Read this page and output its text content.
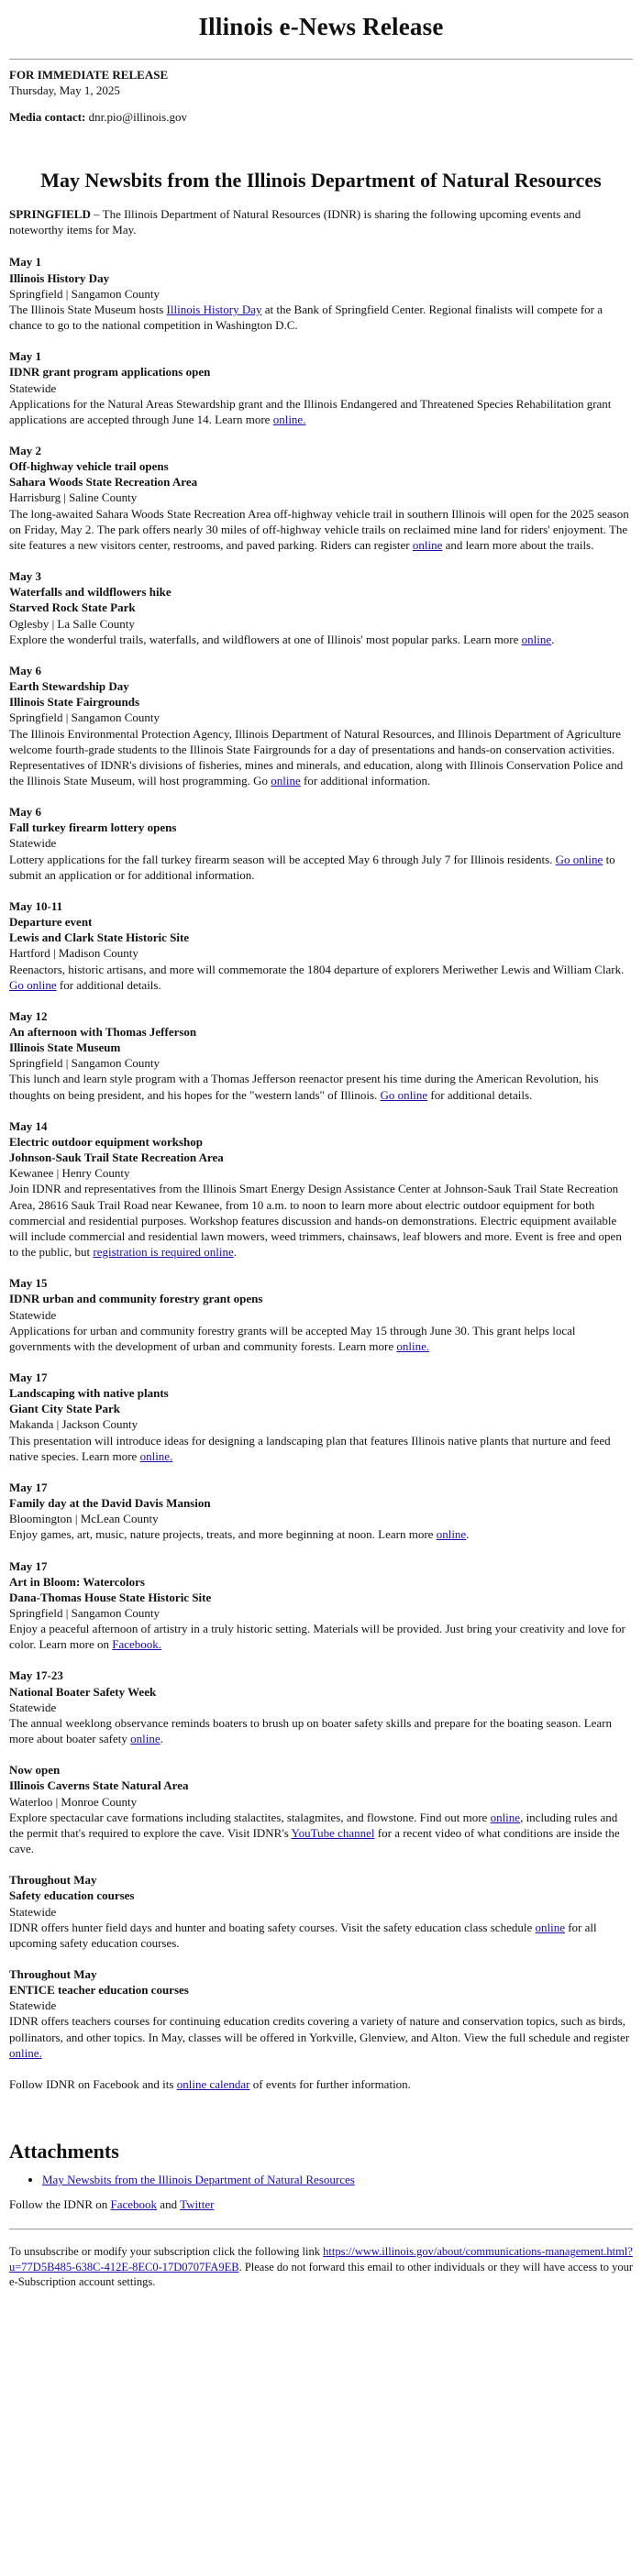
Illinois e-News Release

FOR IMMEDIATE RELEASE

Thursday, May 1, 2025

Media contact: dnr.pio@illinois.gov

May Newsbits from the Illinois Department of Natural Resources

SPRINGFIELD – The Illinois Department of Natural Resources (IDNR) is sharing the following upcoming events and noteworthy items for May.

May 1
Illinois History Day
Springfield | Sangamon County

The Illinois State Museum hosts Illinois History Day at the Bank of Springfield Center. Regional finalists will compete for a chance to go to the national competition in Washington D.C.

May 1
IDNR grant program applications open
Statewide

Applications for the Natural Areas Stewardship grant and the Illinois Endangered and Threatened Species Rehabilitation grant applications are accepted through June 14. Learn more online.

May 2
Off-highway vehicle trail opens
Sahara Woods State Recreation Area
Harrisburg | Saline County

The long-awaited Sahara Woods State Recreation Area off-highway vehicle trail in southern Illinois will open for the 2025 season on Friday, May 2. The park offers nearly 30 miles of off-highway vehicle trails on reclaimed mine land for riders' enjoyment. The site features a new visitors center, restrooms, and paved parking. Riders can register online and learn more about the trails.

May 3
Waterfalls and wildflowers hike
Starved Rock State Park
Oglesby | La Salle County

Explore the wonderful trails, waterfalls, and wildflowers at one of Illinois' most popular parks. Learn more online.

May 6
Earth Stewardship Day
Illinois State Fairgrounds
Springfield | Sangamon County

The Illinois Environmental Protection Agency, Illinois Department of Natural Resources, and Illinois Department of Agriculture welcome fourth-grade students to the Illinois State Fairgrounds for a day of presentations and hands-on conservation activities. Representatives of IDNR's divisions of fisheries, mines and minerals, and education, along with Illinois Conservation Police and the Illinois State Museum, will host programming. Go online for additional information.

May 6
Fall turkey firearm lottery opens
Statewide

Lottery applications for the fall turkey firearm season will be accepted May 6 through July 7 for Illinois residents. Go online to submit an application or for additional information.

May 10-11
Departure event
Lewis and Clark State Historic Site
Hartford | Madison County

Reenactors, historic artisans, and more will commemorate the 1804 departure of explorers Meriwether Lewis and William Clark. Go online for additional details.

May 12
An afternoon with Thomas Jefferson
Illinois State Museum
Springfield | Sangamon County

This lunch and learn style program with a Thomas Jefferson reenactor present his time during the American Revolution, his thoughts on being president, and his hopes for the "western lands" of Illinois. Go online for additional details.

May 14
Electric outdoor equipment workshop
Johnson-Sauk Trail State Recreation Area
Kewanee | Henry County

Join IDNR and representatives from the Illinois Smart Energy Design Assistance Center at Johnson-Sauk Trail State Recreation Area, 28616 Sauk Trail Road near Kewanee, from 10 a.m. to noon to learn more about electric outdoor equipment for both commercial and residential purposes. Workshop features discussion and hands-on demonstrations. Electric equipment available will include commercial and residential lawn mowers, weed trimmers, chainsaws, leaf blowers and more. Event is free and open to the public, but registration is required online.

May 15
IDNR urban and community forestry grant opens
Statewide

Applications for urban and community forestry grants will be accepted May 15 through June 30. This grant helps local governments with the development of urban and community forests. Learn more online.

May 17
Landscaping with native plants
Giant City State Park
Makanda | Jackson County

This presentation will introduce ideas for designing a landscaping plan that features Illinois native plants that nurture and feed native species. Learn more online.

May 17
Family day at the David Davis Mansion
Bloomington | McLean County

Enjoy games, art, music, nature projects, treats, and more beginning at noon. Learn more online.

May 17
Art in Bloom: Watercolors
Dana-Thomas House State Historic Site
Springfield | Sangamon County

Enjoy a peaceful afternoon of artistry in a truly historic setting. Materials will be provided. Just bring your creativity and love for color. Learn more on Facebook.

May 17-23
National Boater Safety Week
Statewide

The annual weeklong observance reminds boaters to brush up on boater safety skills and prepare for the boating season. Learn more about boater safety online.

Now open
Illinois Caverns State Natural Area
Waterloo | Monroe County

Explore spectacular cave formations including stalactites, stalagmites, and flowstone. Find out more online, including rules and the permit that's required to explore the cave. Visit IDNR's YouTube channel for a recent video of what conditions are inside the cave.

Throughout May
Safety education courses
Statewide

IDNR offers hunter field days and hunter and boating safety courses. Visit the safety education class schedule online for all upcoming safety education courses.

Throughout May
ENTICE teacher education courses
Statewide

IDNR offers teachers courses for continuing education credits covering a variety of nature and conservation topics, such as birds, pollinators, and other topics. In May, classes will be offered in Yorkville, Glenview, and Alton. View the full schedule and register online.

Follow IDNR on Facebook and its online calendar of events for further information.

Attachments
• May Newsbits from the Illinois Department of Natural Resources

Follow the IDNR on Facebook and Twitter

To unsubscribe or modify your subscription click the following link https://www.illinois.gov/about/communications-management.html?u=77D5B485-638C-412E-8EC0-17D0707FA9EB. Please do not forward this email to other individuals or they will have access to your e-Subscription account settings.
